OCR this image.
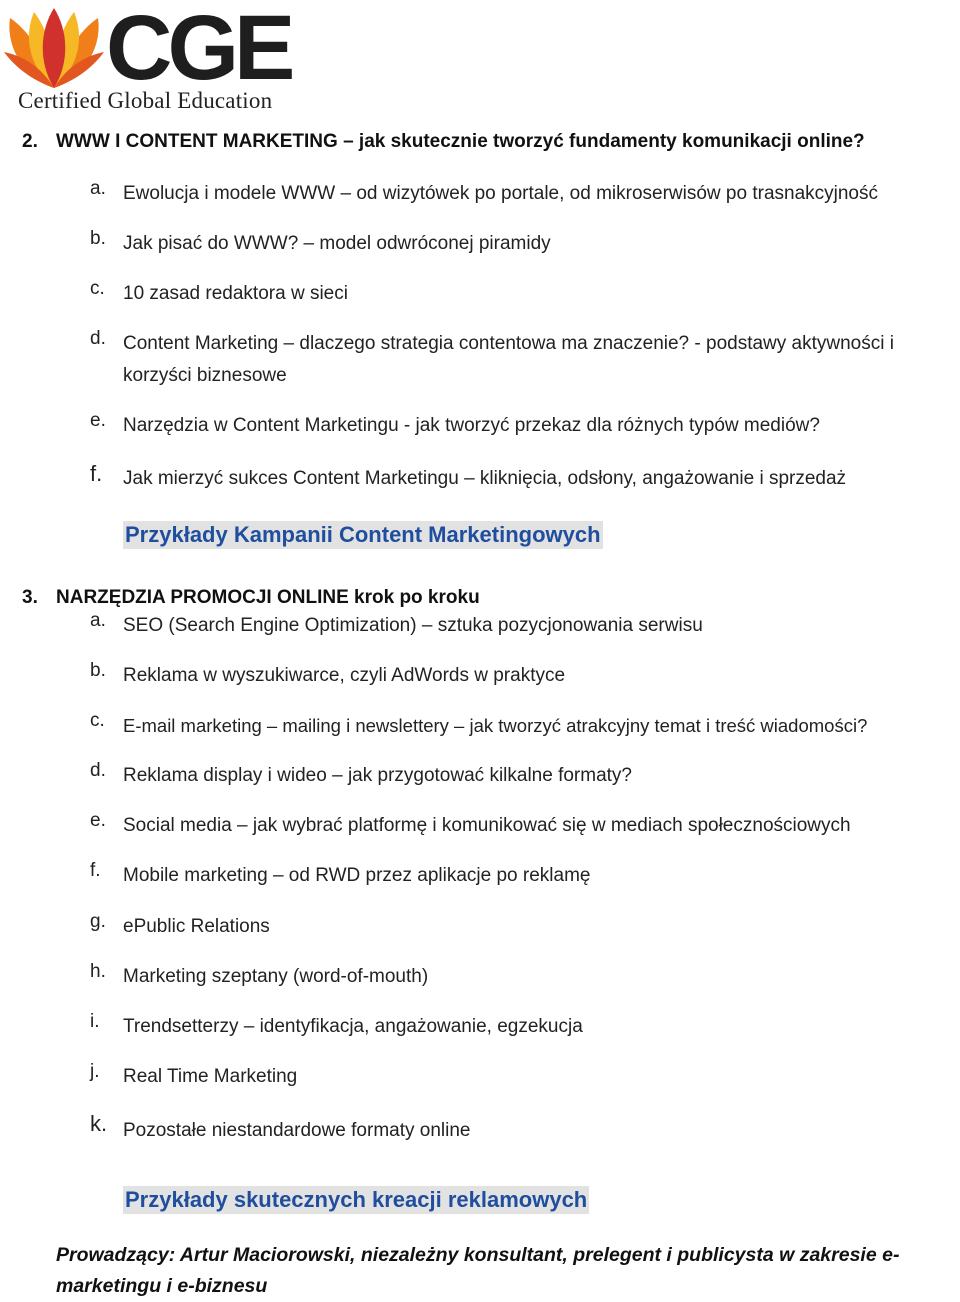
CGE
Certified Global Education
2. WWW I CONTENT MARKETING – jak skutecznie tworzyć fundamenty komunikacji online?
a. Ewolucja i modele WWW – od wizytówek po portale, od mikroserwisów po trasnakcyjność
b. Jak pisać do WWW? – model odwróconej piramidy
c. 10 zasad redaktora w sieci
d. Content Marketing – dlaczego strategia contentowa ma znaczenie? - podstawy aktywności i korzyści biznesowe
e. Narzędzia w Content Marketingu - jak tworzyć przekaz dla różnych typów mediów?
f. Jak mierzyć sukces Content Marketingu – kliknięcia, odsłony, angażowanie i sprzedaż
Przykłady Kampanii Content Marketingowych
3. NARZĘDZIA PROMOCJI ONLINE krok po kroku
a. SEO (Search Engine Optimization) – sztuka pozycjonowania serwisu
b. Reklama w wyszukiwarce, czyli AdWords w praktyce
c. E-mail marketing – mailing i newslettery – jak tworzyć atrakcyjny temat i treść wiadomości?
d. Reklama display i wideo – jak przygotować kilkalne formaty?
e. Social media – jak wybrać platformę i komunikować się w mediach społecznościowych
f. Mobile marketing – od RWD przez aplikacje po reklamę
g. ePublic Relations
h. Marketing szeptany (word-of-mouth)
i. Trendsetterzy – identyfikacja, angażowanie, egzekucja
j. Real Time Marketing
k. Pozostałe niestandardowe formaty online
Przykłady skutecznych kreacji reklamowych
Prowadzący: Artur Maciorowski, niezależny konsultant, prelegent i publicysta w zakresie e-marketingu i e-biznesu
